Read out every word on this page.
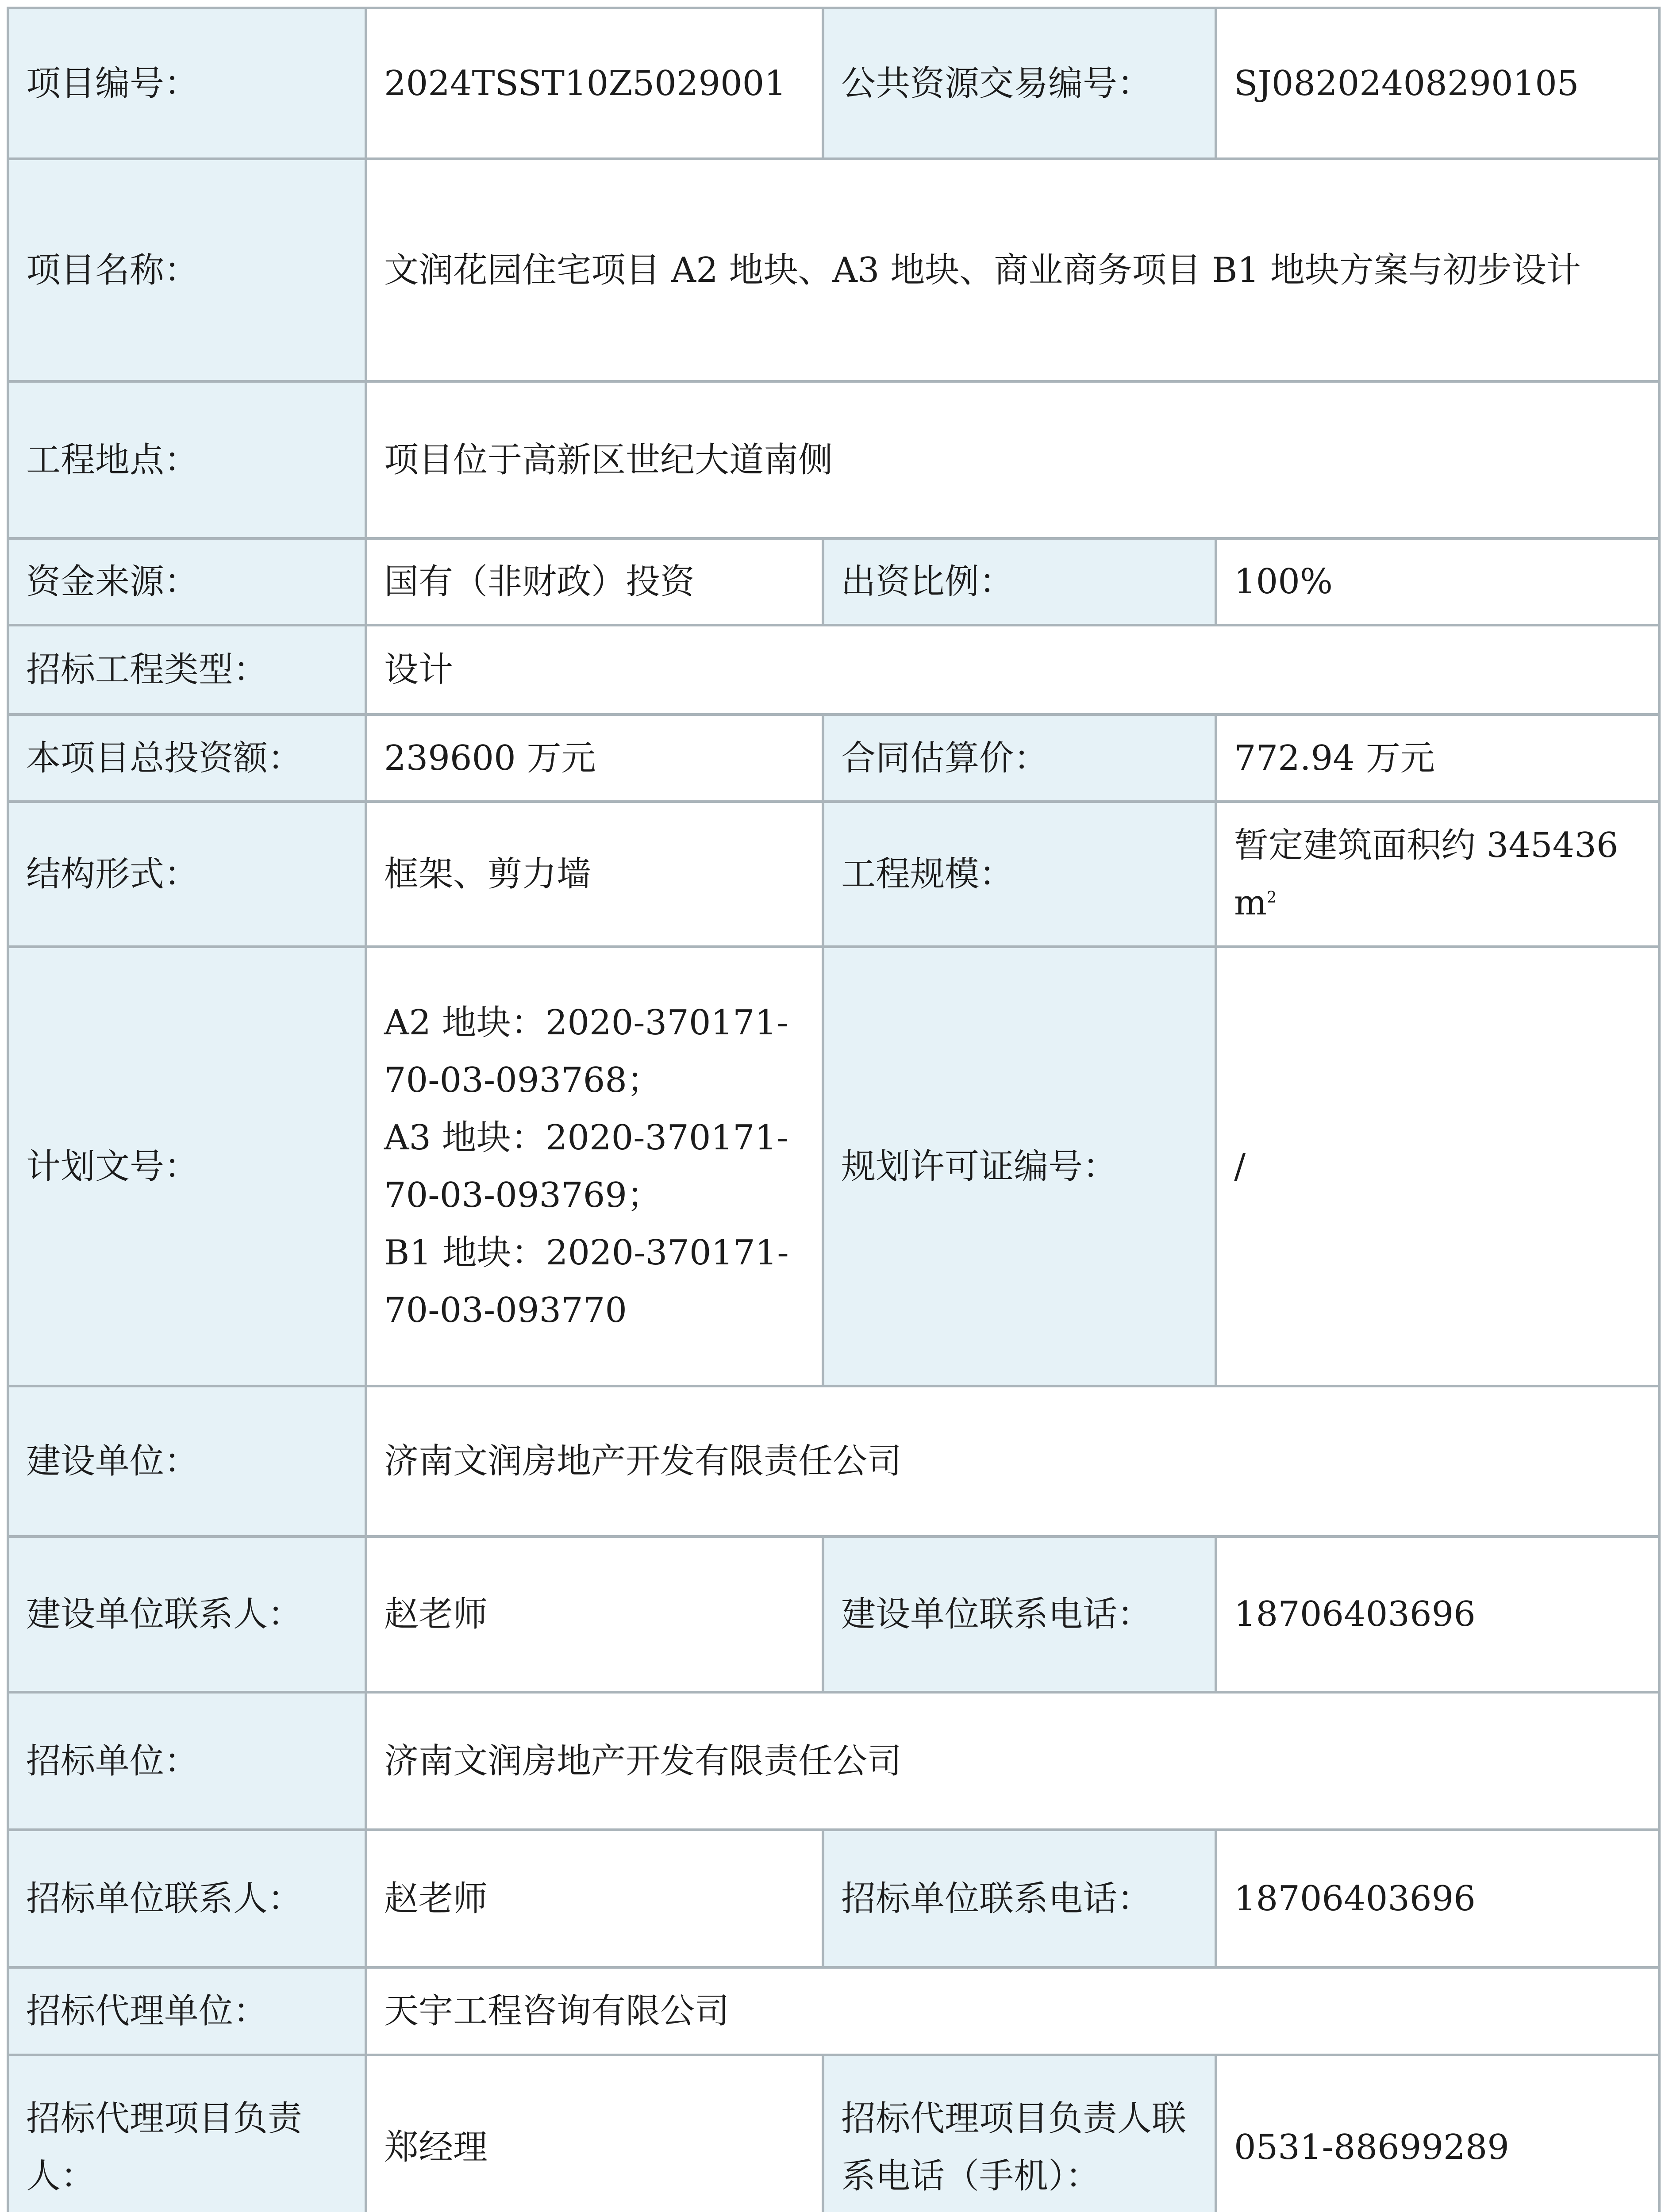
项目编号：	2024TSST10Z5029001	公共资源交易编号：	SJ08202408290105
项目名称：	文润花园住宅项目 A2 地块、A3 地块、商业商务项目 B1 地块方案与初步设计		
工程地点：	项目位于高新区世纪大道南侧		
资金来源：	国有（非财政）投资	出资比例：	100%
招标工程类型：	设计		
本项目总投资额：	239600 万元	合同估算价：	772.94 万元
结构形式：	框架、剪力墙	工程规模：	暂定建筑面积约 $345436m^2$
计划文号：	A2 地块：2020-370171-70-03-093768；
A3 地块：2020-370171-70-03-093769；
B1 地块：2020-370171-70-03-093770	规划许可证编号：	/
建设单位：	济南文润房地产开发有限责任公司		
建设单位联系人：	赵老师	建设单位联系电话：	18706403696
招标单位：	济南文润房地产开发有限责任公司		
招标单位联系人：	赵老师	招标单位联系电话：	18706403696
招标代理单位：	天宇工程咨询有限公司		
招标代理项目负责人：	郑经理	招标代理项目负责人联系电话（手机）：	0531-88699289
